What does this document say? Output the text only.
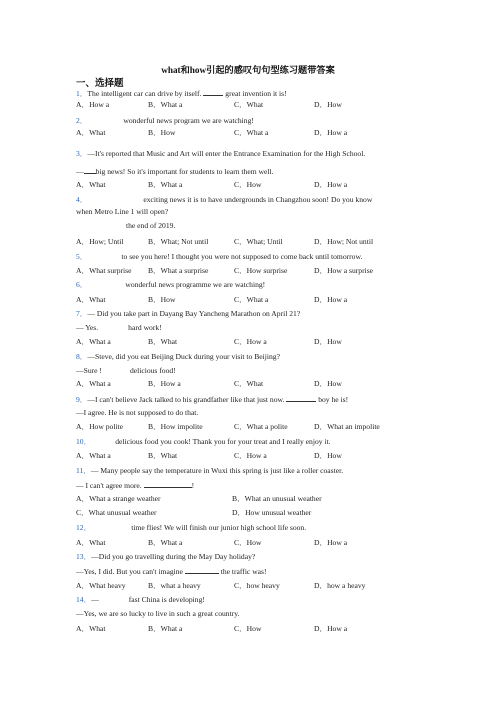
what和how引起的感叹句句型练习题带答案
一、选择题
1．The intelligent car can drive by itself.	great invention it is!
A．How a	B．What a	C．What	D．How
2．	wonderful news program we are watching!
A．What	B．How	C．What a	D．How a
3．—It's reported that Music and Art will enter the Entrance Examination for the High School.
— big news! So it's important for students to learn them well.
A．What	B．What a	C．How	D．How a
4．	exciting news it is to have undergrounds in Changzhou soon! Do you know
when Metro Line 1 will open?
the end of 2019.
A．How; Until	B．What; Not until	C．What; Until	D．How; Not until
5．	to see you here! I thought you were not supposed to come back until tomorrow.
A．What surprise B．What a surprise	C．How surprise	D．How a surprise
6．	wonderful news programme we are watching!
A．What	B．How	C．What a	D．How a
7．— Did you take part in Dayang Bay Yancheng Marathon on April 21?
— Yes.	hard work!
A．What a	B．What	C．How a	D．How
8．—Steve, did you eat Beijing Duck during your visit to Beijing?
—Sure !	delicious food!
A．What a	B．How a	C．What	D．How
9．—I can't believe Jack talked to his grandfather like that just now.	boy he is!
—I agree. He is not supposed to do that.
A．How polite	B．How impolite	C．What a polite	D．What an impolite
10．	delicious food you cook! Thank you for your treat and I really enjoy it.
A．What a	B．What	C．How a	D．How
11．— Many people say the temperature in Wuxi this spring is just like a roller coaster.
— I can't agree more.	!
A．What a strange weather	B．What an unusual weather
C．What unusual weather	D．How unusual weather
12．	time flies! We will finish our junior high school life soon.
A．What	B．What a	C．How	D．How a
13．—Did you go travelling during the May Day holiday?
—Yes, I did. But you can't imagine	the traffic was!
A．What heavy	B．what a heavy	C．how heavy	D．how a heavy
14．—	fast China is developing!
—Yes, we are so lucky to live in such a great country.
A．What	B．What a	C．How	D．How a
